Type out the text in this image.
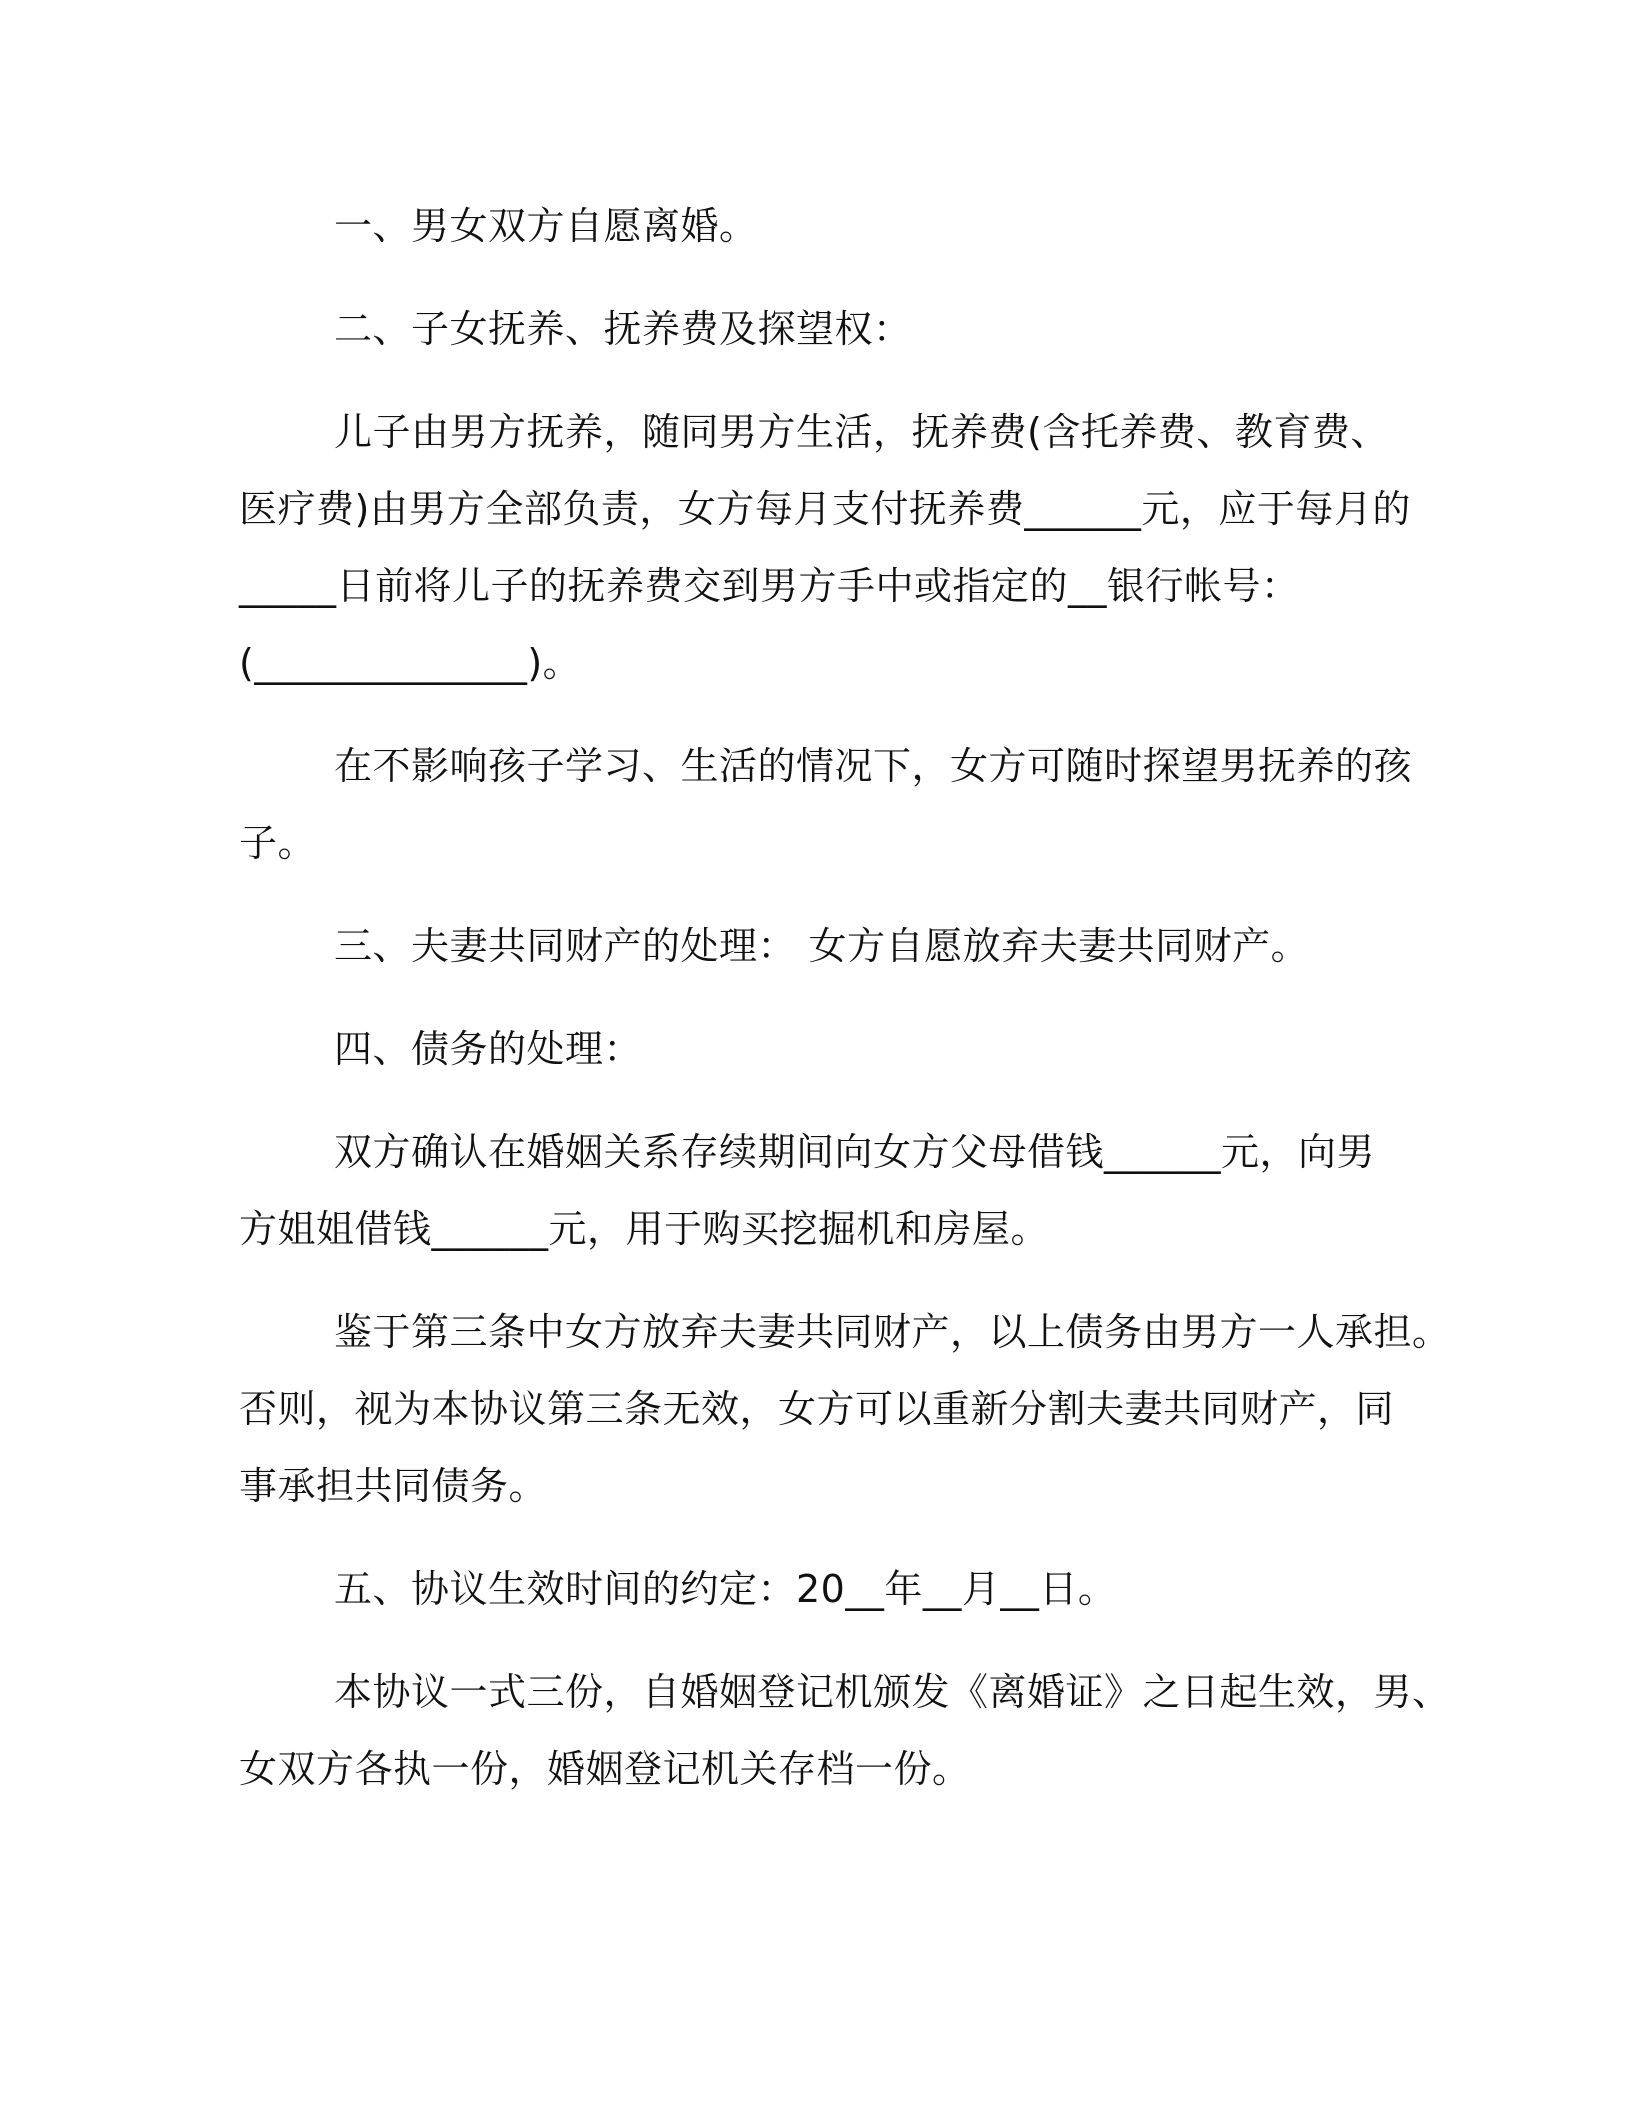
一、男女双方自愿离婚。

二、子女抚养、抚养费及探望权：

儿子由男方抚养，随同男方生活，抚养费(含托养费、教育费、
医疗费)由男方全部负责，女方每月支付抚养费______元，应于每月的
_____日前将儿子的抚养费交到男方手中或指定的__银行帐号：
(______________)。

在不影响孩子学习、生活的情况下，女方可随时探望男抚养的孩
子。

三、夫妻共同财产的处理： 女方自愿放弃夫妻共同财产。

四、债务的处理：

双方确认在婚姻关系存续期间向女方父母借钱______元，向男
方姐姐借钱______元，用于购买挖掘机和房屋。

鉴于第三条中女方放弃夫妻共同财产，以上债务由男方一人承担。
否则，视为本协议第三条无效，女方可以重新分割夫妻共同财产，同
事承担共同债务。

五、协议生效时间的约定：20__年__月__日。

本协议一式三份，自婚姻登记机颁发《离婚证》之日起生效，男、
女双方各执一份，婚姻登记机关存档一份。
